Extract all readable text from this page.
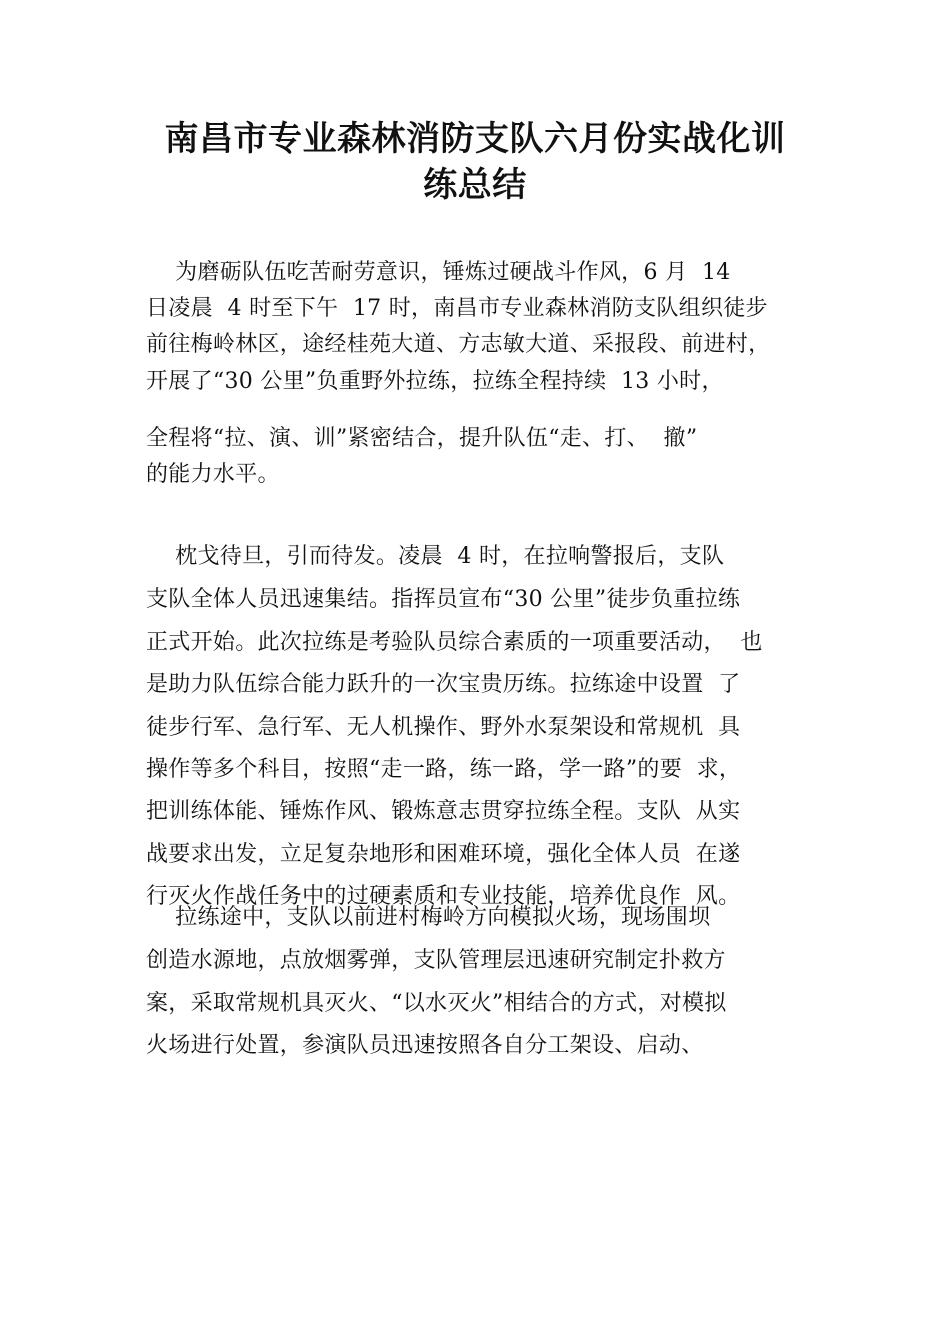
南昌市专业森林消防支队六月份实战化训
练总结
为磨砺队伍吃苦耐劳意识，锤炼过硬战斗作风，6 月  14
日凌晨  4 时至下午  17 时，南昌市专业森林消防支队组织徒步
前往梅岭林区，途经桂苑大道、方志敏大道、采报段、前进村，
开展了“30 公里”负重野外拉练，拉练全程持续  13 小时，
全程将“拉、演、训”紧密结合，提升队伍“走、打、  撤”
的能力水平。
枕戈待旦，引而待发。凌晨  4 时，在拉响警报后，支队
支队全体人员迅速集结。指挥员宣布“30 公里”徒步负重拉练
正式开始。此次拉练是考验队员综合素质的一项重要活动，  也
是助力队伍综合能力跃升的一次宝贵历练。拉练途中设置  了
徒步行军、急行军、无人机操作、野外水泵架设和常规机  具
操作等多个科目，按照“走一路，练一路，学一路”的要  求，
把训练体能、锤炼作风、锻炼意志贯穿拉练全程。支队  从实
战要求出发，立足复杂地形和困难环境，强化全体人员  在遂
行灭火作战任务中的过硬素质和专业技能，培养优良作  风。
拉练途中，支队以前进村梅岭方向模拟火场，现场围坝
创造水源地，点放烟雾弹，支队管理层迅速研究制定扑救方
案，采取常规机具灭火、“以水灭火”相结合的方式，对模拟
火场进行处置，参演队员迅速按照各自分工架设、启动、
